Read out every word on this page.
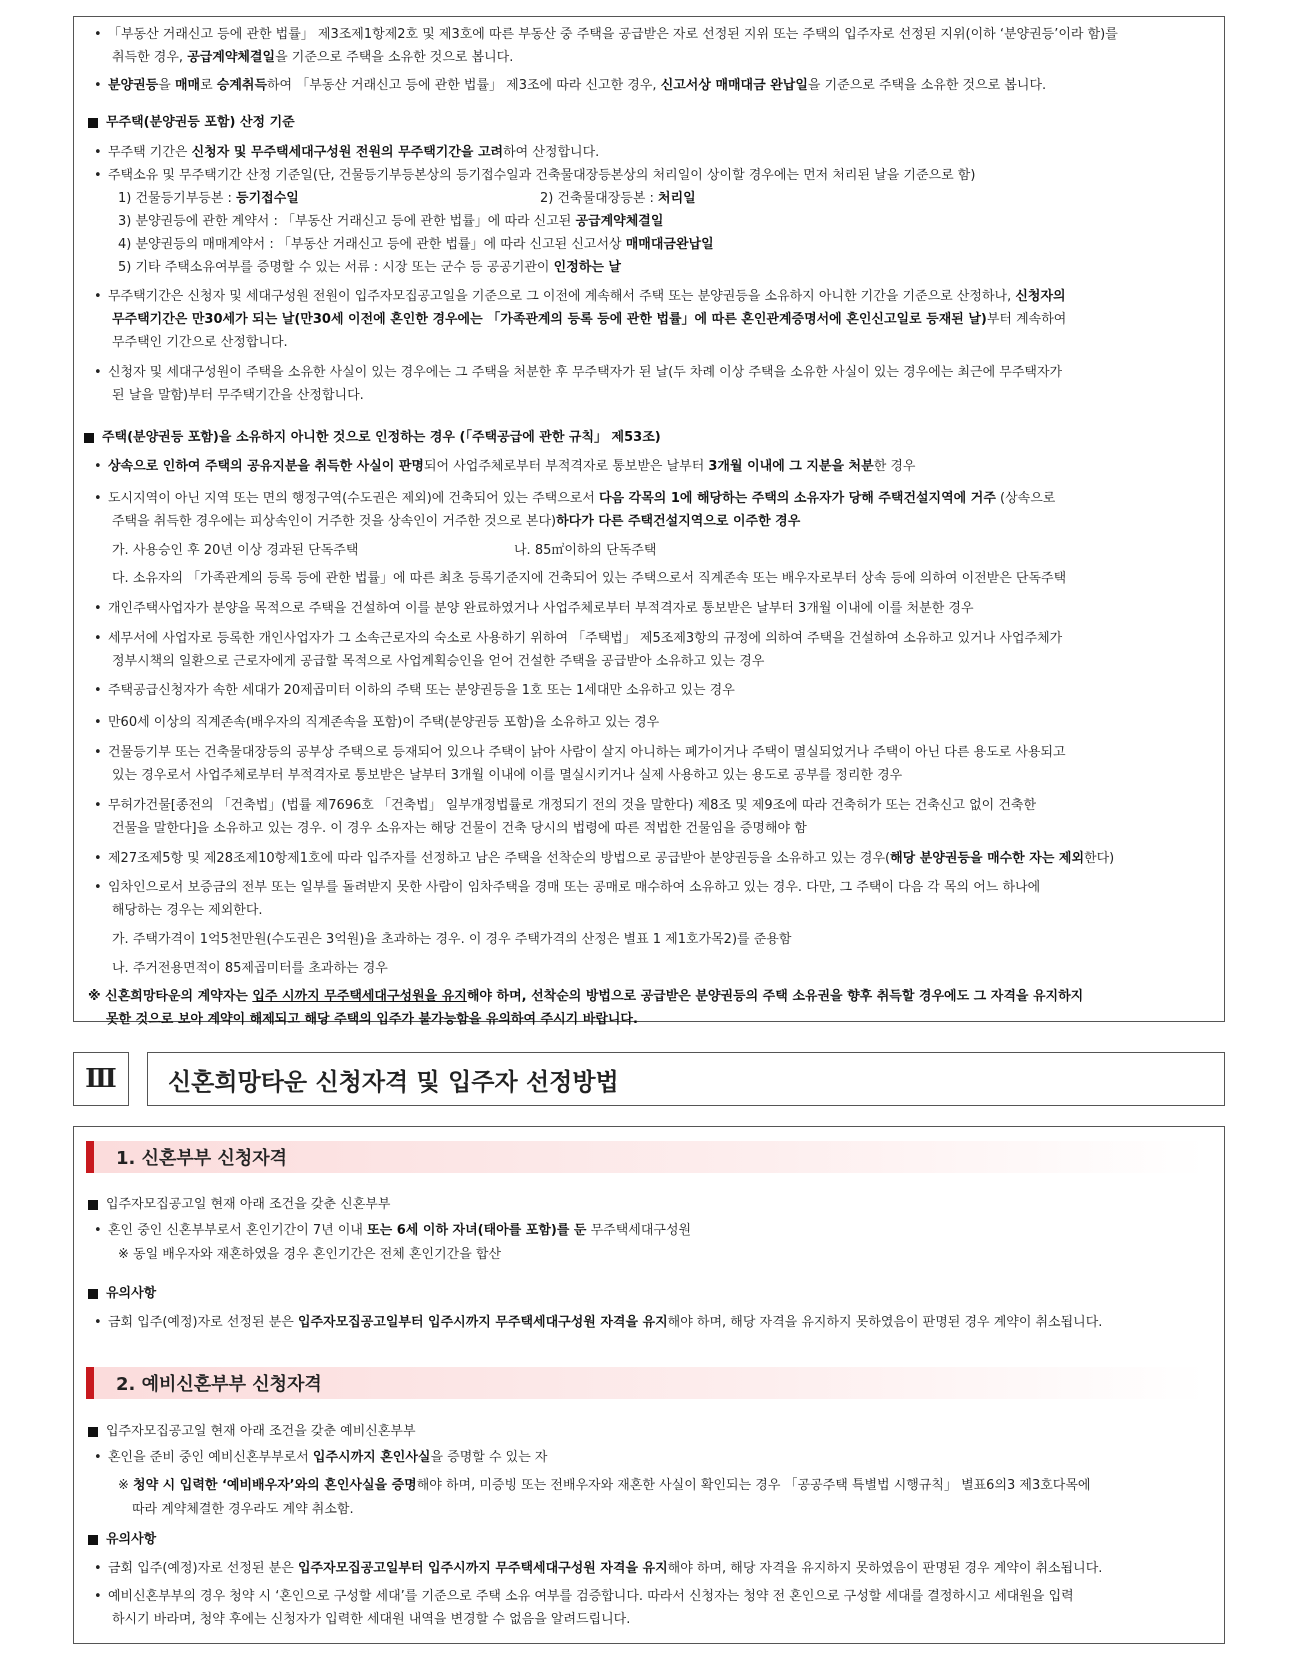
• 「부동산 거래신고 등에 관한 법률」 제3조제1항제2호 및 제3호에 따른 부동산 중 주택을 공급받은 자로 선정된 지위 또는 주택의 입주자로 선정된 지위(이하 ‘분양권등’이라 함)를
취득한 경우, 공급계약체결일을 기준으로 주택을 소유한 것으로 봅니다.
• 분양권등을 매매로 승계취득하여 「부동산 거래신고 등에 관한 법률」 제3조에 따라 신고한 경우, 신고서상 매매대금 완납일을 기준으로 주택을 소유한 것으로 봅니다.
무주택(분양권등 포함) 산정 기준
• 무주택 기간은 신청자 및 무주택세대구성원 전원의 무주택기간을 고려하여 산정합니다.
• 주택소유 및 무주택기간 산정 기준일(단, 건물등기부등본상의 등기접수일과 건축물대장등본상의 처리일이 상이할 경우에는 먼저 처리된 날을 기준으로 함)
1) 건물등기부등본 : 등기접수일	2) 건축물대장등본 : 처리일
3) 분양권등에 관한 계약서 : 「부동산 거래신고 등에 관한 법률」에 따라 신고된 공급계약체결일
4) 분양권등의 매매계약서 : 「부동산 거래신고 등에 관한 법률」에 따라 신고된 신고서상 매매대금완납일
5) 기타 주택소유여부를 증명할 수 있는 서류 : 시장 또는 군수 등 공공기관이 인정하는 날
• 무주택기간은 신청자 및 세대구성원 전원이 입주자모집공고일을 기준으로 그 이전에 계속해서 주택 또는 분양권등을 소유하지 아니한 기간을 기준으로 산정하나, 신청자의
무주택기간은 만30세가 되는 날(만30세 이전에 혼인한 경우에는 「가족관계의 등록 등에 관한 법률」에 따른 혼인관계증명서에 혼인신고일로 등재된 날)부터 계속하여
무주택인 기간으로 산정합니다.
• 신청자 및 세대구성원이 주택을 소유한 사실이 있는 경우에는 그 주택을 처분한 후 무주택자가 된 날(두 차례 이상 주택을 소유한 사실이 있는 경우에는 최근에 무주택자가
된 날을 말함)부터 무주택기간을 산정합니다.
주택(분양권등 포함)을 소유하지 아니한 것으로 인정하는 경우 (「주택공급에 관한 규칙」 제53조)
• 상속으로 인하여 주택의 공유지분을 취득한 사실이 판명되어 사업주체로부터 부적격자로 통보받은 날부터 3개월 이내에 그 지분을 처분한 경우
• 도시지역이 아닌 지역 또는 면의 행정구역(수도권은 제외)에 건축되어 있는 주택으로서 다음 각목의 1에 해당하는 주택의 소유자가 당해 주택건설지역에 거주 (상속으로
주택을 취득한 경우에는 피상속인이 거주한 것을 상속인이 거주한 것으로 본다)하다가 다른 주택건설지역으로 이주한 경우
가. 사용승인 후 20년 이상 경과된 단독주택	나. 85㎡이하의 단독주택
다. 소유자의 「가족관계의 등록 등에 관한 법률」에 따른 최초 등록기준지에 건축되어 있는 주택으로서 직계존속 또는 배우자로부터 상속 등에 의하여 이전받은 단독주택
• 개인주택사업자가 분양을 목적으로 주택을 건설하여 이를 분양 완료하였거나 사업주체로부터 부적격자로 통보받은 날부터 3개월 이내에 이를 처분한 경우
• 세무서에 사업자로 등록한 개인사업자가 그 소속근로자의 숙소로 사용하기 위하여 「주택법」 제5조제3항의 규정에 의하여 주택을 건설하여 소유하고 있거나 사업주체가
정부시책의 일환으로 근로자에게 공급할 목적으로 사업계획승인을 얻어 건설한 주택을 공급받아 소유하고 있는 경우
• 주택공급신청자가 속한 세대가 20제곱미터 이하의 주택 또는 분양권등을 1호 또는 1세대만 소유하고 있는 경우
• 만60세 이상의 직계존속(배우자의 직계존속을 포함)이 주택(분양권등 포함)을 소유하고 있는 경우
• 건물등기부 또는 건축물대장등의 공부상 주택으로 등재되어 있으나 주택이 낡아 사람이 살지 아니하는 폐가이거나 주택이 멸실되었거나 주택이 아닌 다른 용도로 사용되고
있는 경우로서 사업주체로부터 부적격자로 통보받은 날부터 3개월 이내에 이를 멸실시키거나 실제 사용하고 있는 용도로 공부를 정리한 경우
• 무허가건물[종전의 「건축법」(법률 제7696호 「건축법」 일부개정법률로 개정되기 전의 것을 말한다) 제8조 및 제9조에 따라 건축허가 또는 건축신고 없이 건축한
건물을 말한다]을 소유하고 있는 경우. 이 경우 소유자는 해당 건물이 건축 당시의 법령에 따른 적법한 건물임을 증명해야 함
• 제27조제5항 및 제28조제10항제1호에 따라 입주자를 선정하고 남은 주택을 선착순의 방법으로 공급받아 분양권등을 소유하고 있는 경우(해당 분양권등을 매수한 자는 제외한다)
• 임차인으로서 보증금의 전부 또는 일부를 돌려받지 못한 사람이 임차주택을 경매 또는 공매로 매수하여 소유하고 있는 경우. 다만, 그 주택이 다음 각 목의 어느 하나에
해당하는 경우는 제외한다.
가. 주택가격이 1억5천만원(수도권은 3억원)을 초과하는 경우. 이 경우 주택가격의 산정은 별표 1 제1호가목2)를 준용함
나. 주거전용면적이 85제곱미터를 초과하는 경우
※ 신혼희망타운의 계약자는 입주 시까지 무주택세대구성원을 유지해야 하며, 선착순의 방법으로 공급받은 분양권등의 주택 소유권을 향후 취득할 경우에도 그 자격을 유지하지
못한 것으로 보아 계약이 해제되고 해당 주택의 입주가 불가능함을 유의하여 주시기 바랍니다.
Ⅲ	신혼희망타운 신청자격 및 입주자 선정방법
1. 신혼부부 신청자격
2. 예비신혼부부 신청자격
입주자모집공고일 현재 아래 조건을 갖춘 신혼부부
• 혼인 중인 신혼부부로서 혼인기간이 7년 이내 또는 6세 이하 자녀(태아를 포함)를 둔 무주택세대구성원
※ 동일 배우자와 재혼하였을 경우 혼인기간은 전체 혼인기간을 합산
유의사항
• 금회 입주(예정)자로 선정된 분은 입주자모집공고일부터 입주시까지 무주택세대구성원 자격을 유지해야 하며, 해당 자격을 유지하지 못하였음이 판명된 경우 계약이 취소됩니다.
입주자모집공고일 현재 아래 조건을 갖춘 예비신혼부부
• 혼인을 준비 중인 예비신혼부부로서 입주시까지 혼인사실을 증명할 수 있는 자
※ 청약 시 입력한 ‘예비배우자’와의 혼인사실을 증명해야 하며, 미증빙 또는 전배우자와 재혼한 사실이 확인되는 경우 「공공주택 특별법 시행규칙」 별표6의3 제3호다목에
따라 계약체결한 경우라도 계약 취소함.
유의사항
• 금회 입주(예정)자로 선정된 분은 입주자모집공고일부터 입주시까지 무주택세대구성원 자격을 유지해야 하며, 해당 자격을 유지하지 못하였음이 판명된 경우 계약이 취소됩니다.
• 예비신혼부부의 경우 청약 시 ‘혼인으로 구성할 세대’를 기준으로 주택 소유 여부를 검증합니다. 따라서 신청자는 청약 전 혼인으로 구성할 세대를 결정하시고 세대원을 입력
하시기 바라며, 청약 후에는 신청자가 입력한 세대원 내역을 변경할 수 없음을 알려드립니다.
